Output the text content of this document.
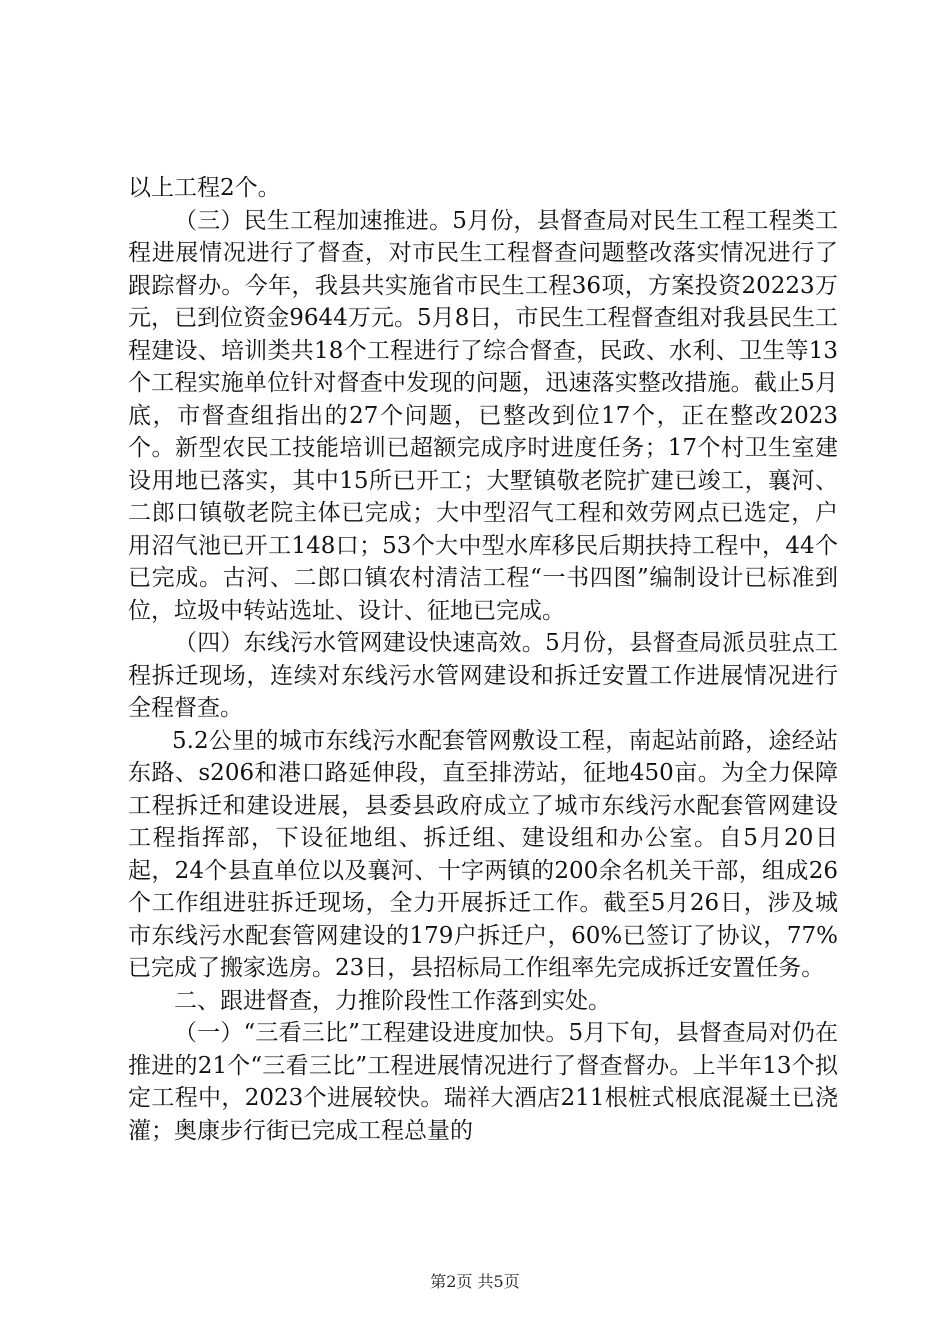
以上工程2个。

（三）民生工程加速推进。5月份，县督查局对民生工程工程类工程进展情况进行了督查，对市民生工程督查问题整改落实情况进行了跟踪督办。今年，我县共实施省市民生工程36项，方案投资20223万元，已到位资金9644万元。5月8日，市民生工程督查组对我县民生工程建设、培训类共18个工程进行了综合督查，民政、水利、卫生等13个工程实施单位针对督查中发现的问题，迅速落实整改措施。截止5月底，市督查组指出的27个问题，已整改到位17个，正在整改2023个。新型农民工技能培训已超额完成序时进度任务；17个村卫生室建设用地已落实，其中15所已开工；大墅镇敬老院扩建已竣工，襄河、二郎口镇敬老院主体已完成；大中型沼气工程和效劳网点已选定，户用沼气池已开工148口；53个大中型水库移民后期扶持工程中，44个已完成。古河、二郎口镇农村清洁工程“一书四图”编制设计已标准到位，垃圾中转站选址、设计、征地已完成。

（四）东线污水管网建设快速高效。5月份，县督查局派员驻点工程拆迁现场，连续对东线污水管网建设和拆迁安置工作进展情况进行全程督查。

5.2公里的城市东线污水配套管网敷设工程，南起站前路，途经站东路、s206和港口路延伸段，直至排涝站，征地450亩。为全力保障工程拆迁和建设进展，县委县政府成立了城市东线污水配套管网建设工程指挥部，下设征地组、拆迁组、建设组和办公室。自5月20日起，24个县直单位以及襄河、十字两镇的200余名机关干部，组成26个工作组进驻拆迁现场，全力开展拆迁工作。截至5月26日，涉及城市东线污水配套管网建设的179户拆迁户，60%已签订了协议，77%已完成了搬家选房。23日，县招标局工作组率先完成拆迁安置任务。

二、跟进督查，力推阶段性工作落到实处。

（一）“三看三比”工程建设进度加快。5月下旬，县督查局对仍在推进的21个“三看三比”工程进展情况进行了督查督办。上半年13个拟定工程中，2023个进展较快。瑞祥大酒店211根桩式根底混凝土已浇灌；奥康步行街已完成工程总量的

第2页 共5页
